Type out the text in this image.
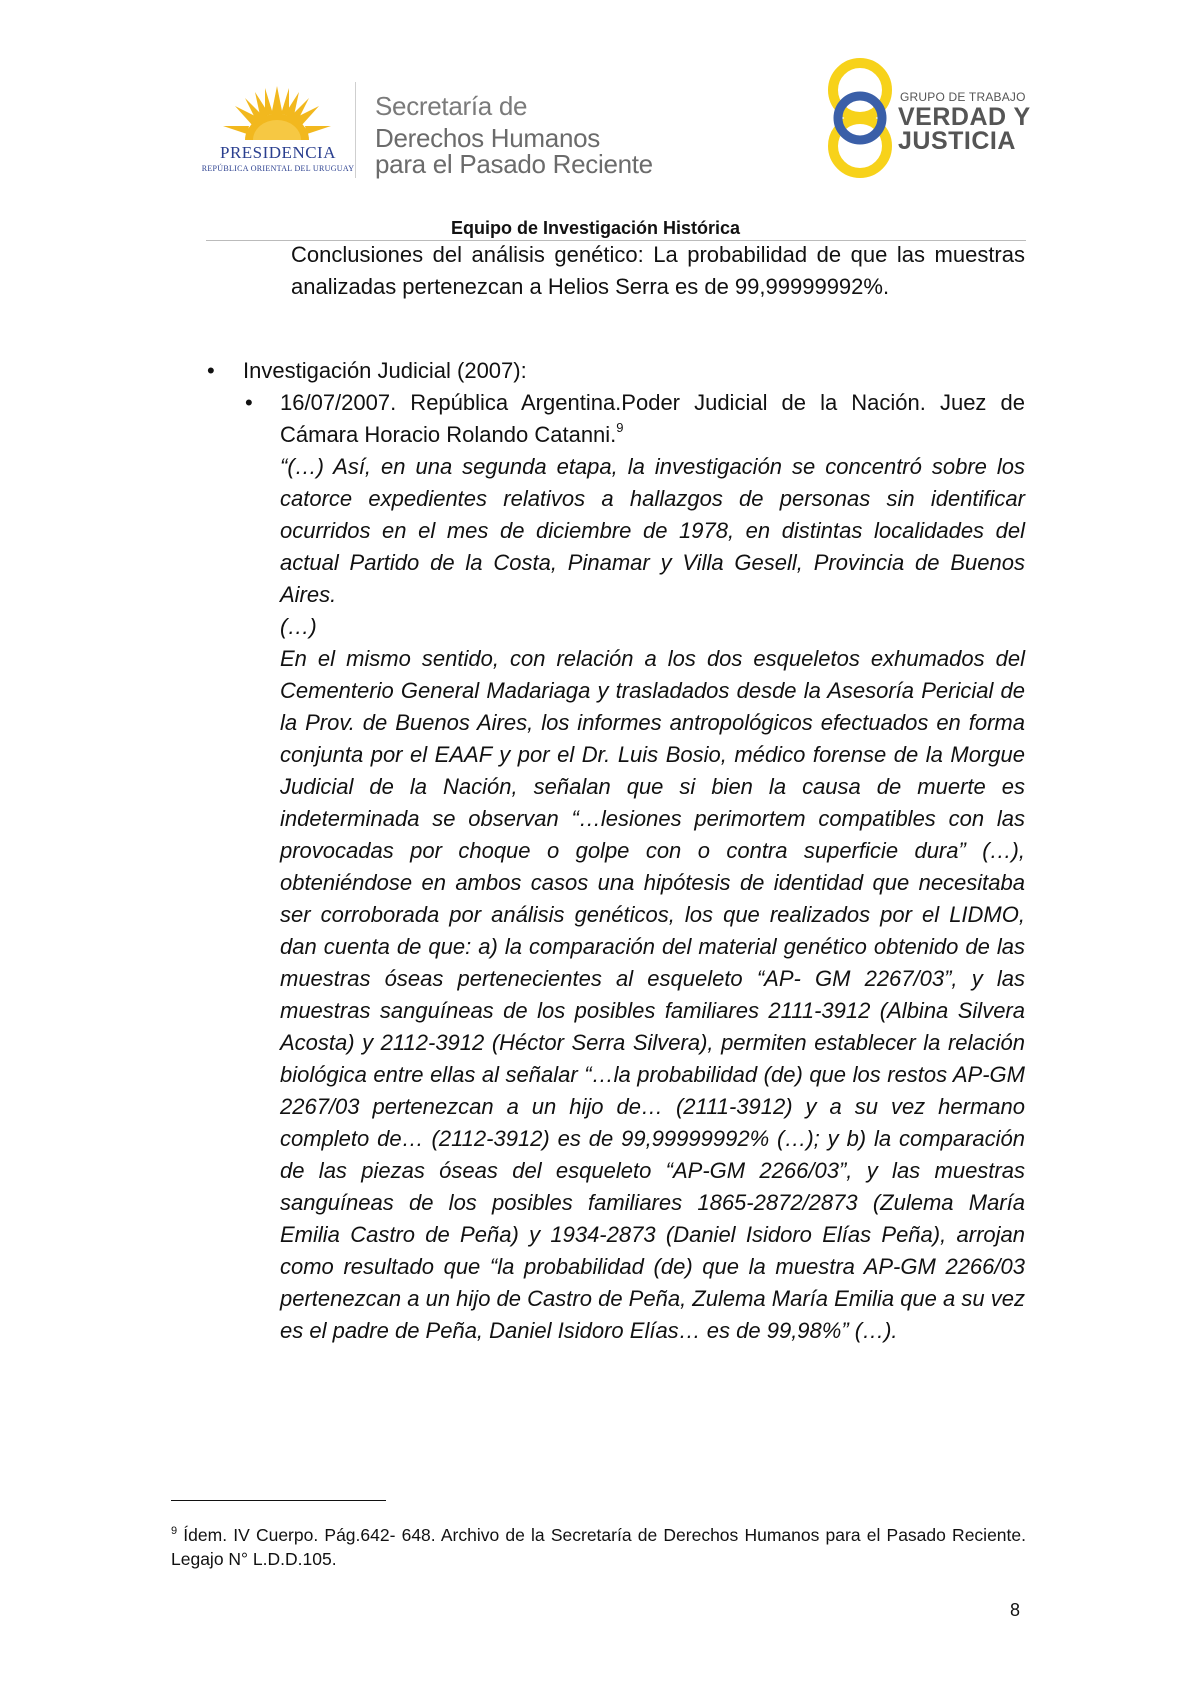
PRESIDENCIA
REPÚBLICA ORIENTAL DEL URUGUAY
Secretaría de
Derechos Humanos
para el Pasado Reciente
GRUPO DE TRABAJO
VERDAD Y
JUSTICIA
Equipo de Investigación Histórica

Conclusiones del análisis genético: La probabilidad de que las muestras analizadas pertenezcan a Helios Serra es de 99,99999992%.

• Investigación Judicial (2007):
• 16/07/2007. República Argentina.Poder Judicial de la Nación. Juez de Cámara Horacio Rolando Catanni.$^9$

“(…) Así, en una segunda etapa, la investigación se concentró sobre los catorce expedientes relativos a hallazgos de personas sin identificar ocurridos en el mes de diciembre de 1978, en distintas localidades del actual Partido de la Costa, Pinamar y Villa Gesell, Provincia de Buenos Aires.

(…)

En el mismo sentido, con relación a los dos esqueletos exhumados del Cementerio General Madariaga y trasladados desde la Asesoría Pericial de la Prov. de Buenos Aires, los informes antropológicos efectuados en forma conjunta por el EAAF y por el Dr. Luis Bosio, médico forense de la Morgue Judicial de la Nación, señalan que si bien la causa de muerte es indeterminada se observan “…lesiones perimortem compatibles con las provocadas por choque o golpe con o contra superficie dura” (…), obteniéndose en ambos casos una hipótesis de identidad que necesitaba ser corroborada por análisis genéticos, los que realizados por el LIDMO, dan cuenta de que: a) la comparación del material genético obtenido de las muestras óseas pertenecientes al esqueleto “AP- GM 2267/03”, y las muestras sanguíneas de los posibles familiares 2111-3912 (Albina Silvera Acosta) y 2112-3912 (Héctor Serra Silvera), permiten establecer la relación biológica entre ellas al señalar “…la probabilidad (de) que los restos AP-GM 2267/03 pertenezcan a un hijo de… (2111-3912) y a su vez hermano completo de… (2112-3912) es de 99,99999992% (…); y b) la comparación de las piezas óseas del esqueleto “AP-GM 2266/03”, y las muestras sanguíneas de los posibles familiares 1865-2872/2873 (Zulema María Emilia Castro de Peña) y 1934-2873 (Daniel Isidoro Elías Peña), arrojan como resultado que “la probabilidad (de) que la muestra AP-GM 2266/03 pertenezcan a un hijo de Castro de Peña, Zulema María Emilia que a su vez es el padre de Peña, Daniel Isidoro Elías… es de 99,98%” (…).

$^9$ Ídem. IV Cuerpo. Pág.642- 648. Archivo de la Secretaría de Derechos Humanos para el Pasado Reciente. Legajo N° L.D.D.105.

8
